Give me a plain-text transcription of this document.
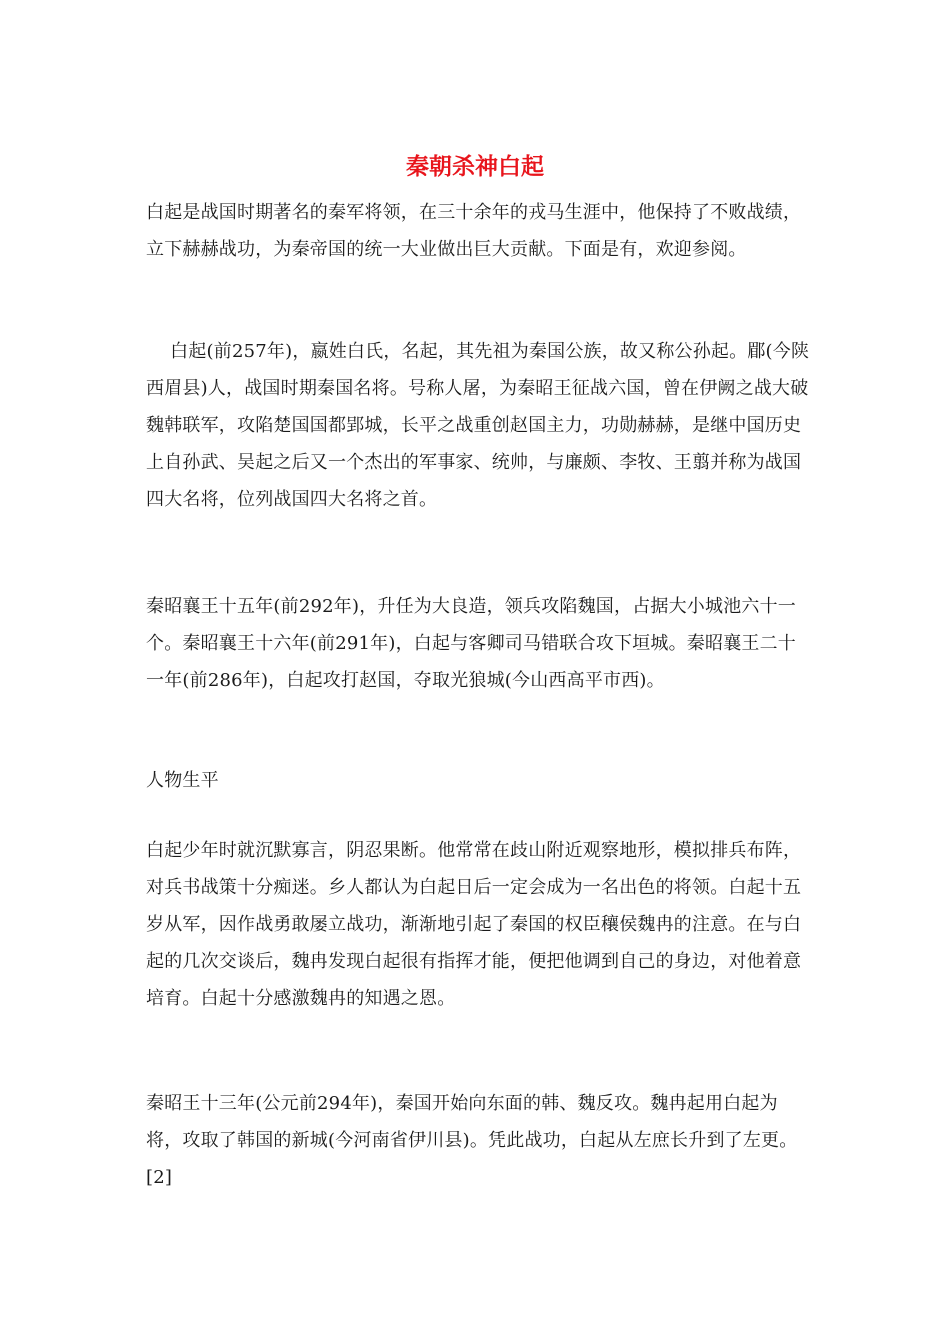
秦朝杀神白起
白起是战国时期著名的秦军将领，在三十余年的戎马生涯中，他保持了不败战绩，立下赫赫战功，为秦帝国的统一大业做出巨大贡献。下面是有，欢迎参阅。
　 白起(前257年)，嬴姓白氏，名起，其先祖为秦国公族，故又称公孙起。郿(今陕西眉县)人，战国时期秦国名将。号称人屠，为秦昭王征战六国，曾在伊阙之战大破魏韩联军，攻陷楚国国都郢城，长平之战重创赵国主力，功勋赫赫，是继中国历史上自孙武、吴起之后又一个杰出的军事家、统帅，与廉颇、李牧、王翦并称为战国四大名将，位列战国四大名将之首。
秦昭襄王十五年(前292年)，升任为大良造，领兵攻陷魏国，占据大小城池六十一个。秦昭襄王十六年(前291年)，白起与客卿司马错联合攻下垣城。秦昭襄王二十一年(前286年)，白起攻打赵国，夺取光狼城(今山西高平市西)。
人物生平
白起少年时就沉默寡言，阴忍果断。他常常在歧山附近观察地形，模拟排兵布阵，对兵书战策十分痴迷。乡人都认为白起日后一定会成为一名出色的将领。白起十五岁从军，因作战勇敢屡立战功，渐渐地引起了秦国的权臣穰侯魏冉的注意。在与白起的几次交谈后，魏冉发现白起很有指挥才能，便把他调到自己的身边，对他着意培育。白起十分感激魏冉的知遇之恩。
秦昭王十三年(公元前294年)，秦国开始向东面的韩、魏反攻。魏冉起用白起为将，攻取了韩国的新城(今河南省伊川县)。凭此战功，白起从左庶长升到了左更。[2]
